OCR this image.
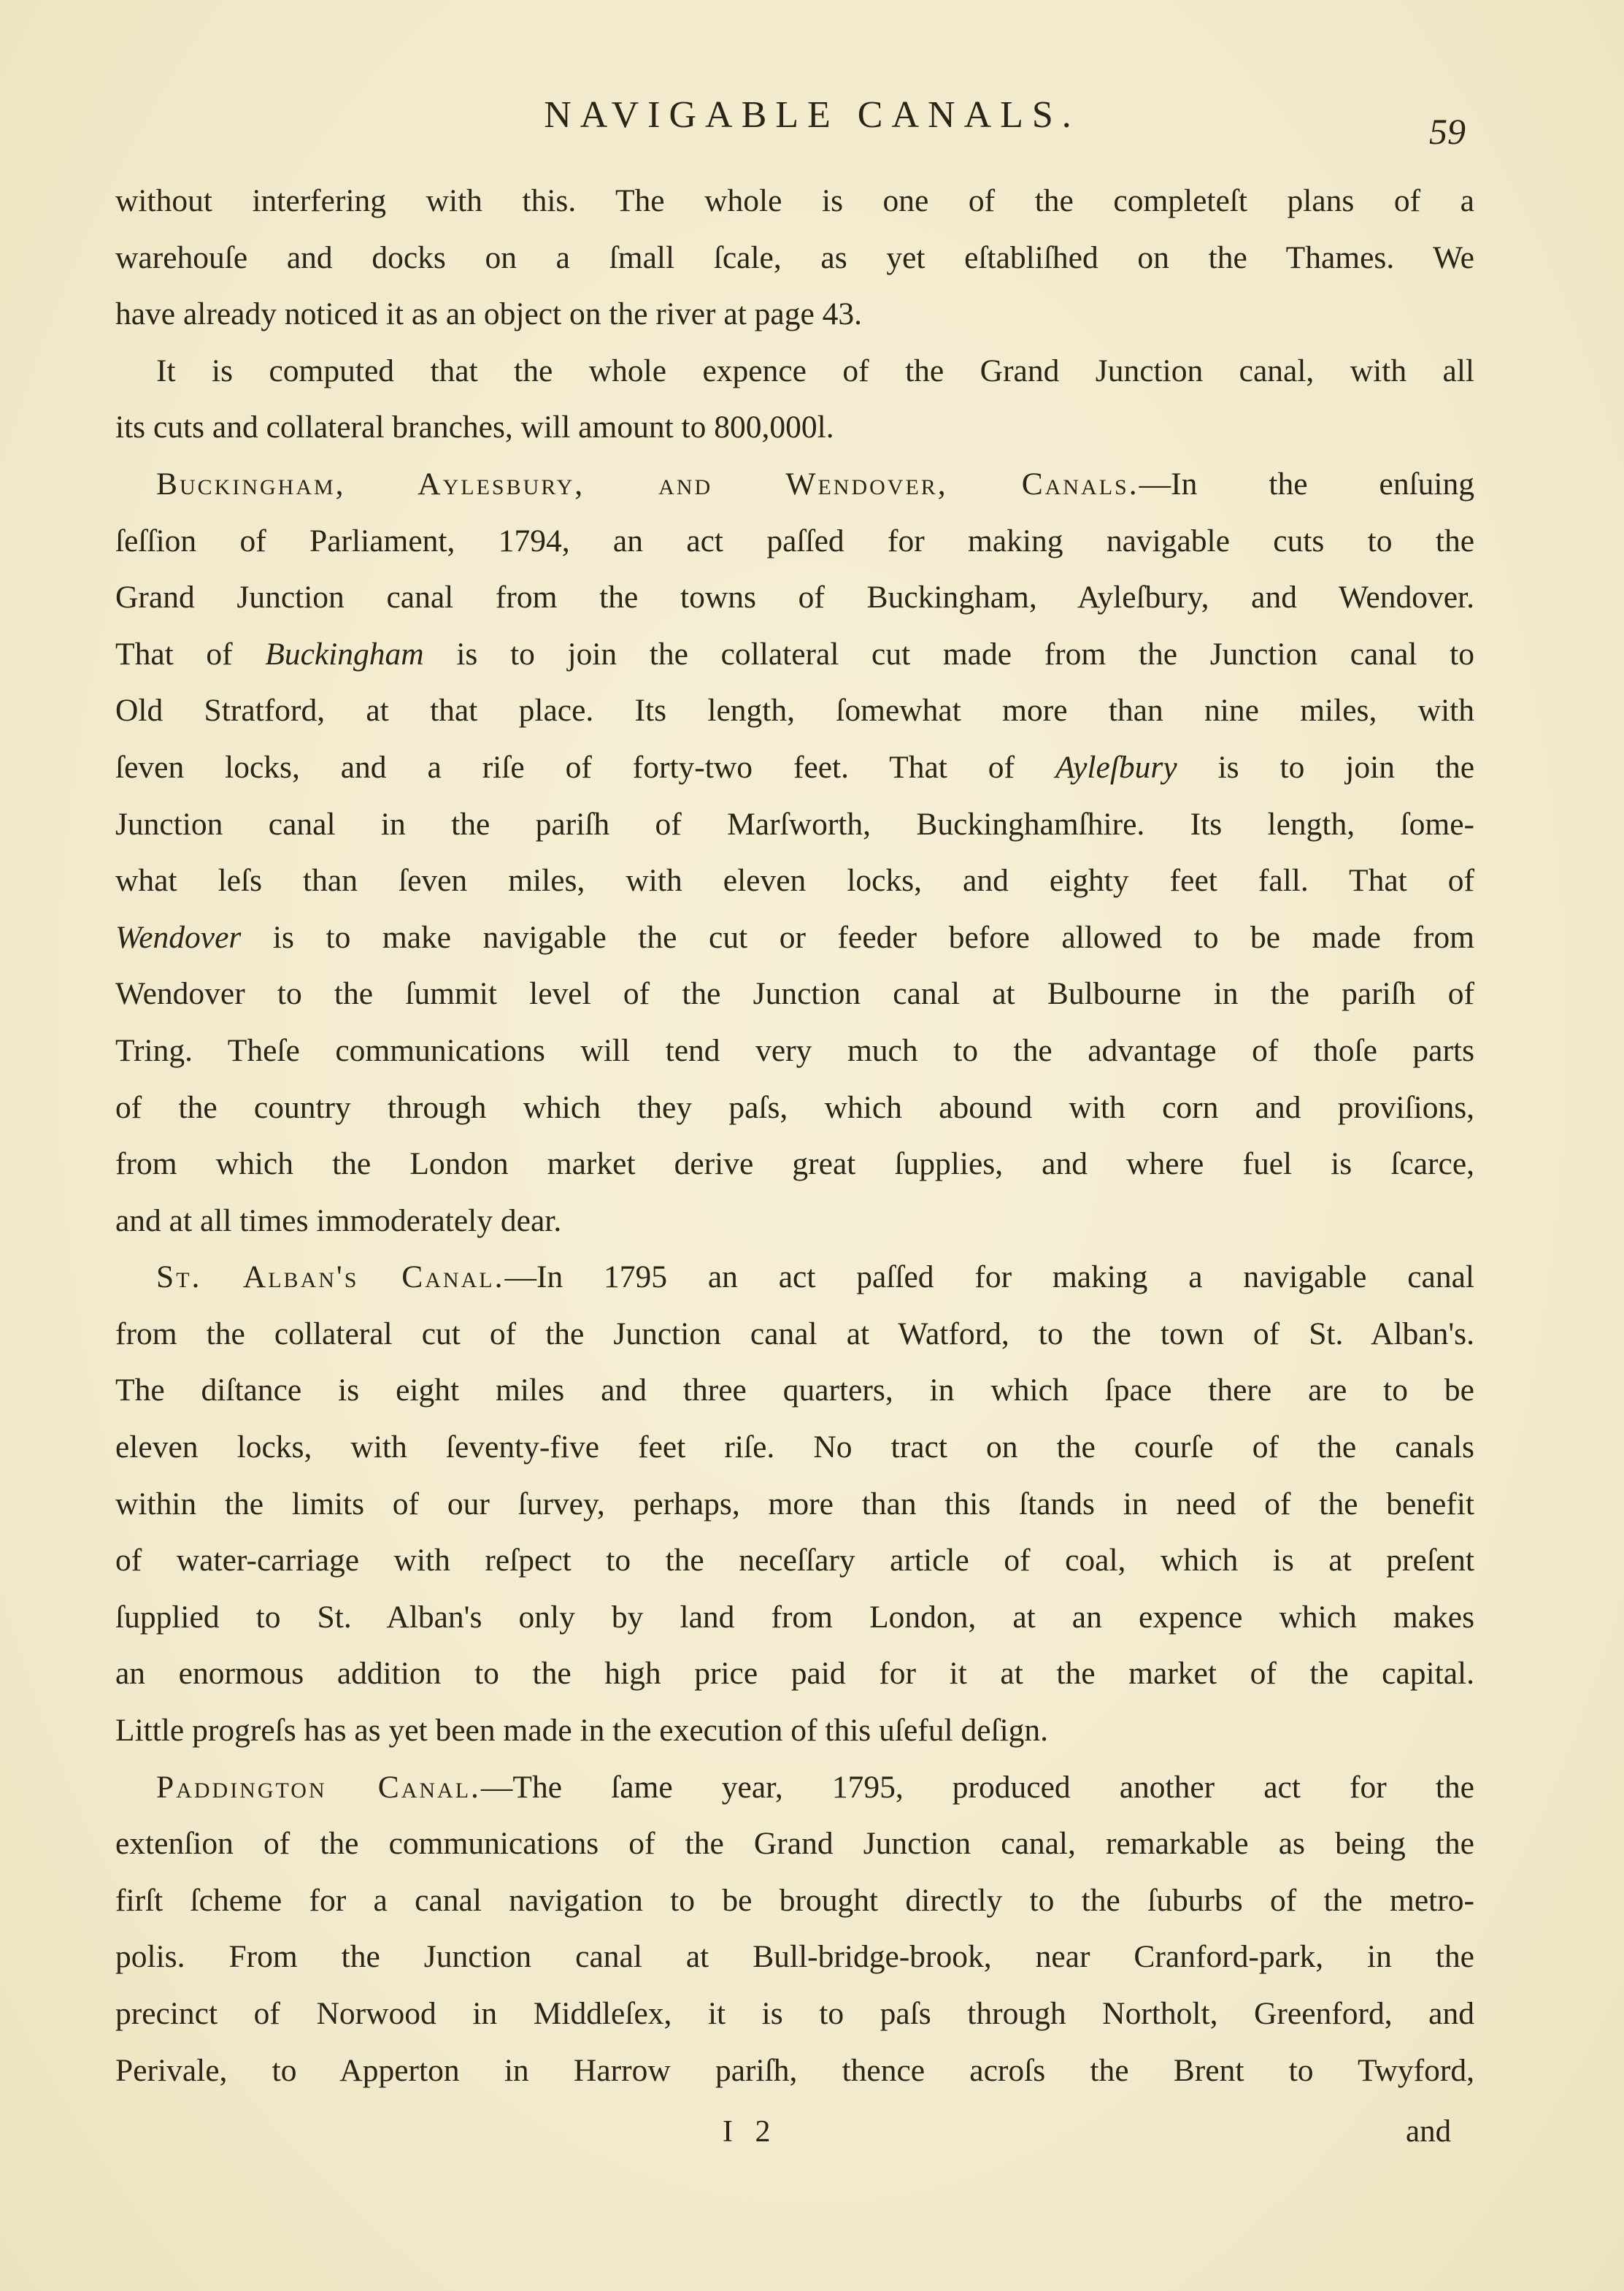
NAVIGABLE CANALS.	59
without interfering with this. The whole is one of the completeſt plans of a
warehouſe and docks on a ſmall ſcale, as yet eſtabliſhed on the Thames. We
have already noticed it as an object on the river at page 43.
It is computed that the whole expence of the Grand Junction canal, with all
its cuts and collateral branches, will amount to 800,000l.
Buckingham, Aylesbury, and Wendover, Canals.—In the enſuing
ſeſſion of Parliament, 1794, an act paſſed for making navigable cuts to the
Grand Junction canal from the towns of Buckingham, Ayleſbury, and Wendover.
That of Buckingham is to join the collateral cut made from the Junction canal to
Old Stratford, at that place. Its length, ſomewhat more than nine miles, with
ſeven locks, and a riſe of forty-two feet. That of Ayleſbury is to join the
Junction canal in the pariſh of Marſworth, Buckinghamſhire. Its length, ſome-
what leſs than ſeven miles, with eleven locks, and eighty feet fall. That of
Wendover is to make navigable the cut or feeder before allowed to be made from
Wendover to the ſummit level of the Junction canal at Bulbourne in the pariſh of
Tring. Theſe communications will tend very much to the advantage of thoſe parts
of the country through which they paſs, which abound with corn and proviſions,
from which the London market derive great ſupplies, and where fuel is ſcarce,
and at all times immoderately dear.
St. Alban's Canal.—In 1795 an act paſſed for making a navigable canal
from the collateral cut of the Junction canal at Watford, to the town of St. Alban's.
The diſtance is eight miles and three quarters, in which ſpace there are to be
eleven locks, with ſeventy-five feet riſe. No tract on the courſe of the canals
within the limits of our ſurvey, perhaps, more than this ſtands in need of the benefit
of water-carriage with reſpect to the neceſſary article of coal, which is at preſent
ſupplied to St. Alban's only by land from London, at an expence which makes
an enormous addition to the high price paid for it at the market of the capital.
Little progreſs has as yet been made in the execution of this uſeful deſign.
Paddington Canal.—The ſame year, 1795, produced another act for the
extenſion of the communications of the Grand Junction canal, remarkable as being the
firſt ſcheme for a canal navigation to be brought directly to the ſuburbs of the metro-
polis. From the Junction canal at Bull-bridge-brook, near Cranford-park, in the
precinct of Norwood in Middleſex, it is to paſs through Northolt, Greenford, and
Perivale, to Apperton in Harrow pariſh, thence acroſs the Brent to Twyford,
I 2	and
